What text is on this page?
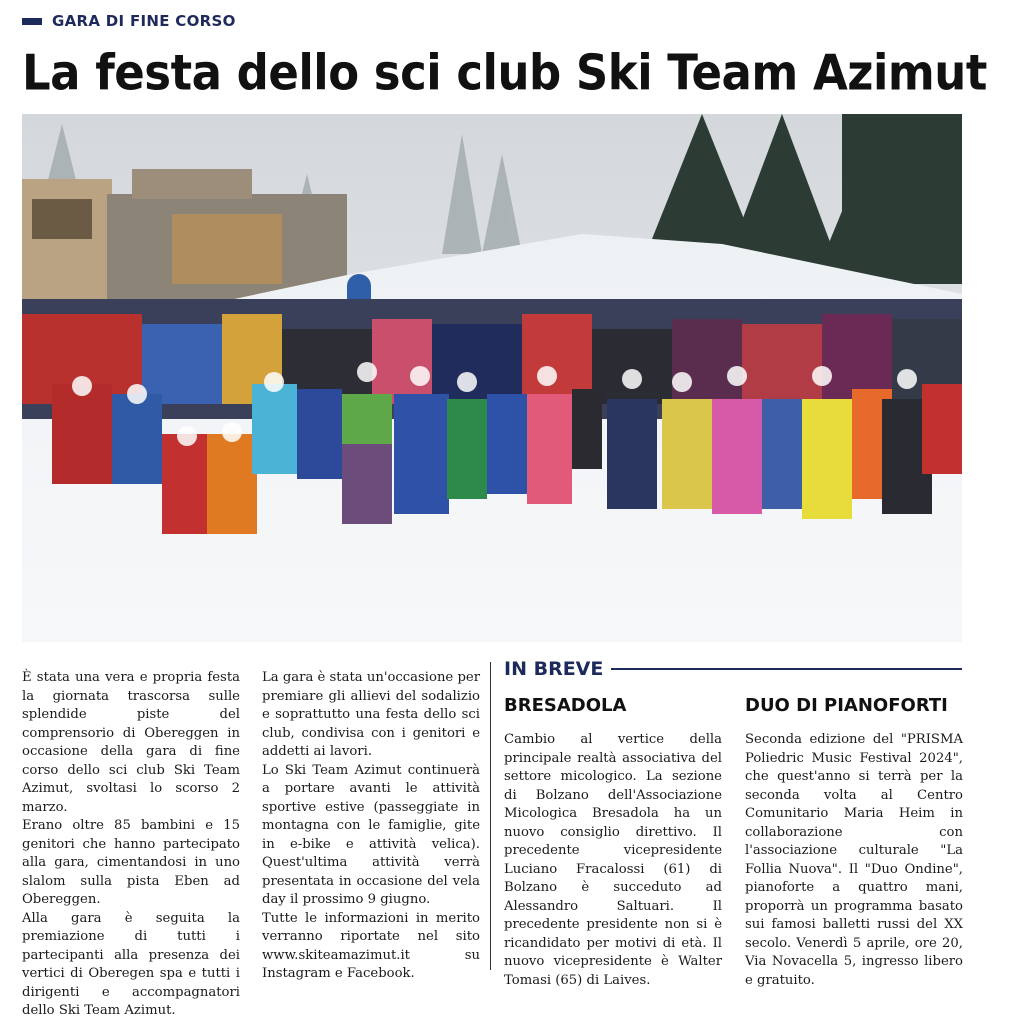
GARA DI FINE CORSO
La festa dello sci club Ski Team Azimut

È stata una vera e propria festa la giornata trascorsa sulle splendide piste del comprensorio di Obereggen in occasione della gara di fine corso dello sci club Ski Team Azimut, svoltasi lo scorso 2 marzo.

Erano oltre 85 bambini e 15 genitori che hanno partecipato alla gara, cimentandosi in uno slalom sulla pista Eben ad Obereggen.

Alla gara è seguita la premiazione di tutti i partecipanti alla presenza dei vertici di Oberegen spa e tutti i dirigenti e accompagnatori dello Ski Team Azimut.

La gara è stata un'occasione per premiare gli allievi del sodalizio e soprattutto una festa dello sci club, condivisa con i genitori e addetti ai lavori.

Lo Ski Team Azimut continuerà a portare avanti le attività sportive estive (passeggiate in montagna con le famiglie, gite in e-bike e attività velica). Quest'ultima attività verrà presentata in occasione del vela day il prossimo 9 giugno.

Tutte le informazioni in merito verranno riportate nel sito www.skiteamazimut.it su Instagram e Facebook.

IN BREVE
BRESADOLA	DUO DI PIANOFORTI

Cambio al vertice della principale realtà associativa del settore micologico. La sezione di Bolzano dell'Associazione Micologica Bresadola ha un nuovo consiglio direttivo. Il precedente vicepresidente Luciano Fracalossi (61) di Bolzano è succeduto ad Alessandro Saltuari. Il precedente presidente non si è ricandidato per motivi di età. Il nuovo vicepresidente è Walter Tomasi (65) di Laives.

Seconda edizione del "PRISMA Poliedric Music Festival 2024", che quest'anno si terrà per la seconda volta al Centro Comunitario Maria Heim in collaborazione con l'associazione culturale "La Follia Nuova". Il "Duo Ondine", pianoforte a quattro mani, proporrà un programma basato sui famosi balletti russi del XX secolo. Venerdì 5 aprile, ore 20, Via Novacella 5, ingresso libero e gratuito.
